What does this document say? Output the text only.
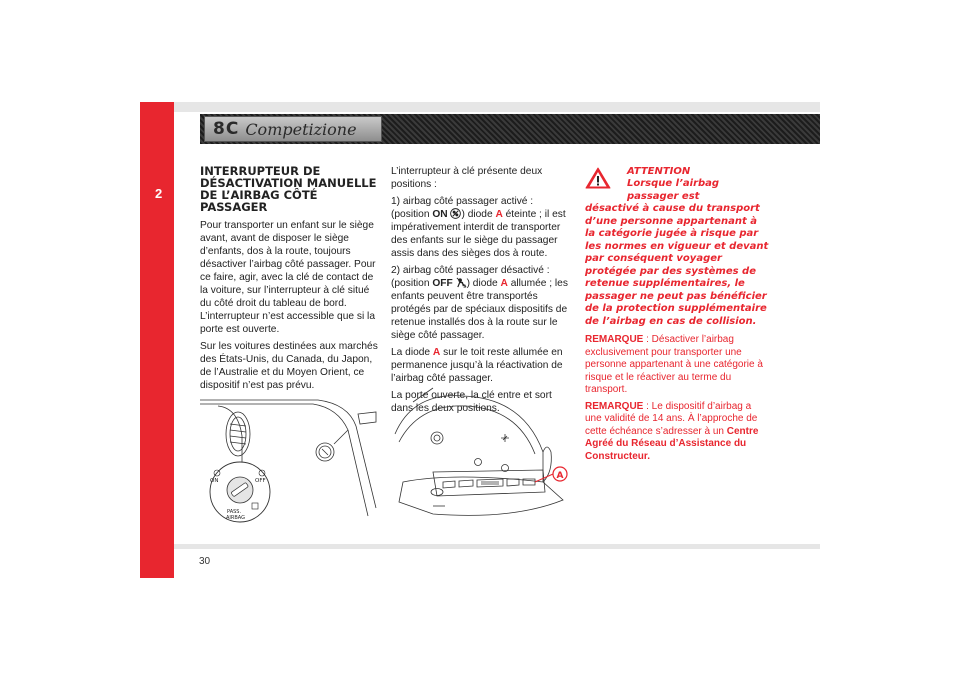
2
8C Competizione
INTERRUPTEUR DE DÉSACTIVATION MANUELLE DE L’AIRBAG CÔTÉ PASSAGER

Pour transporter un enfant sur le siège avant, avant de disposer le siège d’enfants, dos à la route, toujours désactiver l’airbag côté passager. Pour ce faire, agir, avec la clé de contact de la voiture, sur l’interrupteur à clé situé du côté droit du tableau de bord. L’interrupteur n’est accessible que si la porte est ouverte.

Sur les voitures destinées aux marchés des États-Unis, du Canada, du Japon, de l’Australie et du Moyen Orient, ce dispositif n’est pas prévu.

L’interrupteur à clé présente deux positions :

1) airbag côté passager activé : (position ON ) diode A éteinte ; il est impérativement interdit de transporter des enfants sur le siège du passager assis dans des sièges dos à route.

2) airbag côté passager désactivé : (position OFF 2 ) diode A allumée ; les enfants peuvent être transportés protégés par de spéciaux dispositifs de retenue installés dos à la route sur le siège côté passager.

La diode A sur le toit reste allumée en permanence jusqu’à la réactivation de l’airbag côté passager.

La porte ouverte, la clé entre et sort dans les deux positions.

ATTENTION
Lorsque l’airbag passager est
désactivé à cause du transport d’une personne appartenant à la catégorie jugée à risque par les normes en vigueur et devant par conséquent voyager protégée par des systèmes de retenue supplémentaires, le passager ne peut pas bénéficier de la protection supplémentaire de l’airbag en cas de collision.

REMARQUE : Désactiver l’airbag exclusivement pour transporter une personne appartenant à une catégorie à risque et le réactiver au terme du transport.

REMARQUE : Le dispositif d’airbag a une validité de 14 ans. À l’approche de cette échéance s’adresser à un Centre Agréé du Réseau d’Assistance du Constructeur.

ON	OFF
PASS.
AIRBAG
A
30
